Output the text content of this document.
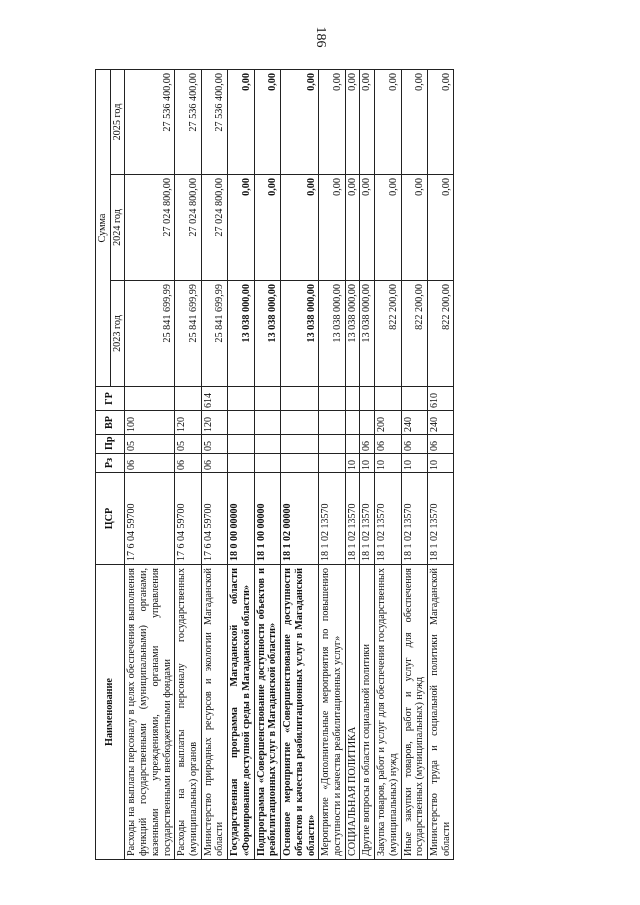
186
Наименование	ЦСР	Рз	Пр	ВР	ГР	Сумма		
						2023 год	2024 год	2025 год
Расходы на выплаты персоналу в целях обеспечения выполнения функций государственными (муниципальными) органами, казенными учреждениями, органами управления государственными внебюджетными фондами	17 6 04 59700	06	05	100		25 841 699,99	27 024 800,00	27 536 400,00
Расходы на выплаты персоналу государственных (муниципальных) органов	17 6 04 59700	06	05	120		25 841 699,99	27 024 800,00	27 536 400,00
Министерство природных ресурсов и экологии Магаданской области	17 6 04 59700	06	05	120	614	25 841 699,99	27 024 800,00	27 536 400,00
Государственная программа Магаданской области «Формирование доступной среды в Магаданской области»	18 0 00 00000					13 038 000,00	0,00	0,00
Подпрограмма «Совершенствование доступности объектов и реабилитационных услуг в Магаданской области»	18 1 00 00000					13 038 000,00	0,00	0,00
Основное мероприятие «Совершенствование доступности объектов и качества реабилитационных услуг в Магаданской области»	18 1 02 00000					13 038 000,00	0,00	0,00
Мероприятие «Дополнительные мероприятия по повышению доступности и качества реабилитационных услуг»	18 1 02 13570					13 038 000,00	0,00	0,00
СОЦИАЛЬНАЯ ПОЛИТИКА	18 1 02 13570	10				13 038 000,00	0,00	0,00
Другие вопросы в области социальной политики	18 1 02 13570	10	06			13 038 000,00	0,00	0,00
Закупка товаров, работ и услуг для обеспечения государственных (муниципальных) нужд	18 1 02 13570	10	06	200		822 200,00	0,00	0,00
Иные закупки товаров, работ и услуг для обеспечения государственных (муниципальных) нужд	18 1 02 13570	10	06	240		822 200,00	0,00	0,00
Министерство труда и социальной политики Магаданской области	18 1 02 13570	10	06	240	610	822 200,00	0,00	0,00
